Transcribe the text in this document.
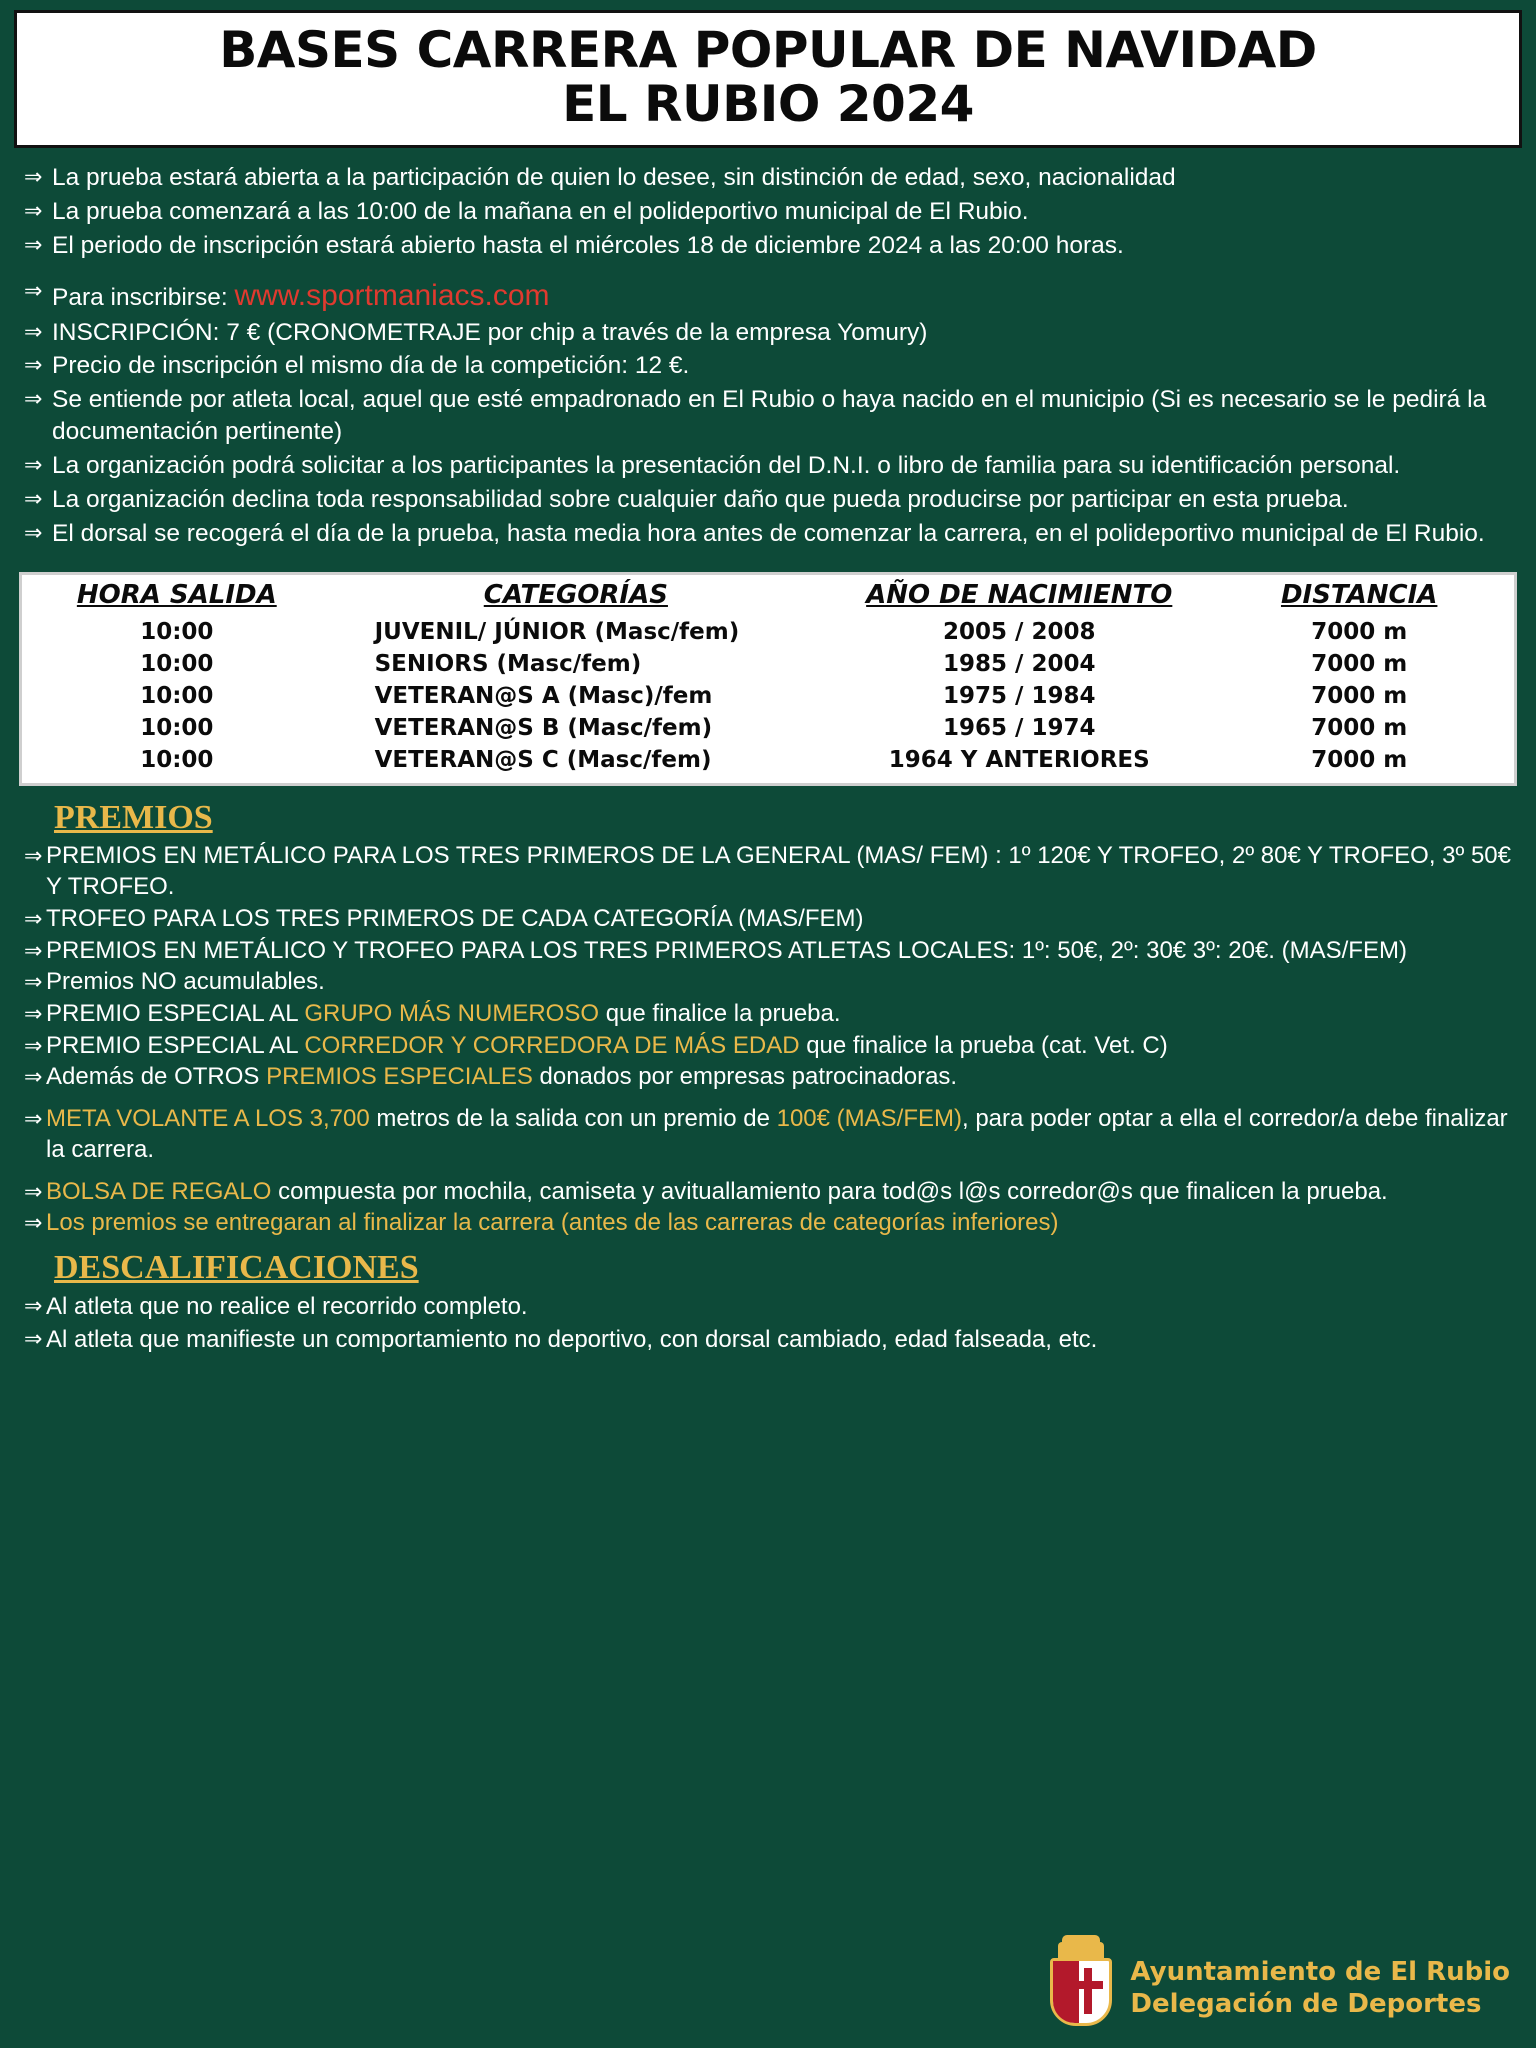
BASES CARRERA POPULAR DE NAVIDAD
EL RUBIO 2024
⇒ La prueba estará abierta a la participación de quien lo desee, sin distinción de edad, sexo, nacionalidad
⇒ La prueba comenzará a las 10:00 de la mañana en el polideportivo municipal de El Rubio.
⇒ El periodo de inscripción estará abierto hasta el miércoles 18 de diciembre 2024 a las 20:00 horas.
⇒ Para inscribirse: www.sportmaniacs.com
⇒ INSCRIPCIÓN: 7 € (CRONOMETRAJE por chip a través de la empresa Yomury)
⇒ Precio de inscripción el mismo día de la competición: 12 €.
⇒ Se entiende por atleta local, aquel que esté empadronado en El Rubio o haya nacido en el municipio (Si es necesario se le pedirá la documentación pertinente)
⇒ La organización podrá solicitar a los participantes la presentación del D.N.I. o libro de familia para su identificación personal.
⇒ La organización declina toda responsabilidad sobre cualquier daño que pueda producirse por participar en esta prueba.
⇒ El dorsal se recogerá el día de la prueba, hasta media hora antes de comenzar la carrera, en el polideportivo municipal de El Rubio.
HORA SALIDA	CATEGORÍAS	AÑO DE NACIMIENTO	DISTANCIA
10:00	JUVENIL/ JÚNIOR (Masc/fem)	2005 / 2008	7000 m
10:00	SENIORS (Masc/fem)	1985 / 2004	7000 m
10:00	VETERAN@S A (Masc)/fem	1975 / 1984	7000 m
10:00	VETERAN@S B (Masc/fem)	1965 / 1974	7000 m
10:00	VETERAN@S C (Masc/fem)	1964 Y ANTERIORES	7000 m
PREMIOS
⇒ PREMIOS EN METÁLICO PARA LOS TRES PRIMEROS DE LA GENERAL (MAS/ FEM) : 1º 120€ Y TROFEO, 2º 80€ Y TROFEO, 3º 50€ Y TROFEO.
⇒ TROFEO PARA LOS TRES PRIMEROS DE CADA CATEGORÍA (MAS/FEM)
⇒ PREMIOS EN METÁLICO Y TROFEO PARA LOS TRES PRIMEROS ATLETAS LOCALES: 1º: 50€, 2º: 30€ 3º: 20€. (MAS/FEM)
⇒ Premios NO acumulables.
⇒ PREMIO ESPECIAL AL GRUPO MÁS NUMEROSO que finalice la prueba.
⇒ PREMIO ESPECIAL AL CORREDOR Y CORREDORA DE MÁS EDAD que finalice la prueba (cat. Vet. C)
⇒ Además de OTROS PREMIOS ESPECIALES donados por empresas patrocinadoras.
⇒ META VOLANTE A LOS 3,700 metros de la salida con un premio de 100€ (MAS/FEM), para poder optar a ella el corredor/a debe finalizar la carrera.
⇒ BOLSA DE REGALO compuesta por mochila, camiseta y avituallamiento para tod@s l@s corredor@s que finalicen la prueba.
⇒ Los premios se entregaran al finalizar la carrera (antes de las carreras de categorías inferiores)
DESCALIFICACIONES
⇒ Al atleta que no realice el recorrido completo.
⇒ Al atleta que manifieste un comportamiento no deportivo, con dorsal cambiado, edad falseada, etc.
Ayuntamiento de El Rubio
Delegación de Deportes
